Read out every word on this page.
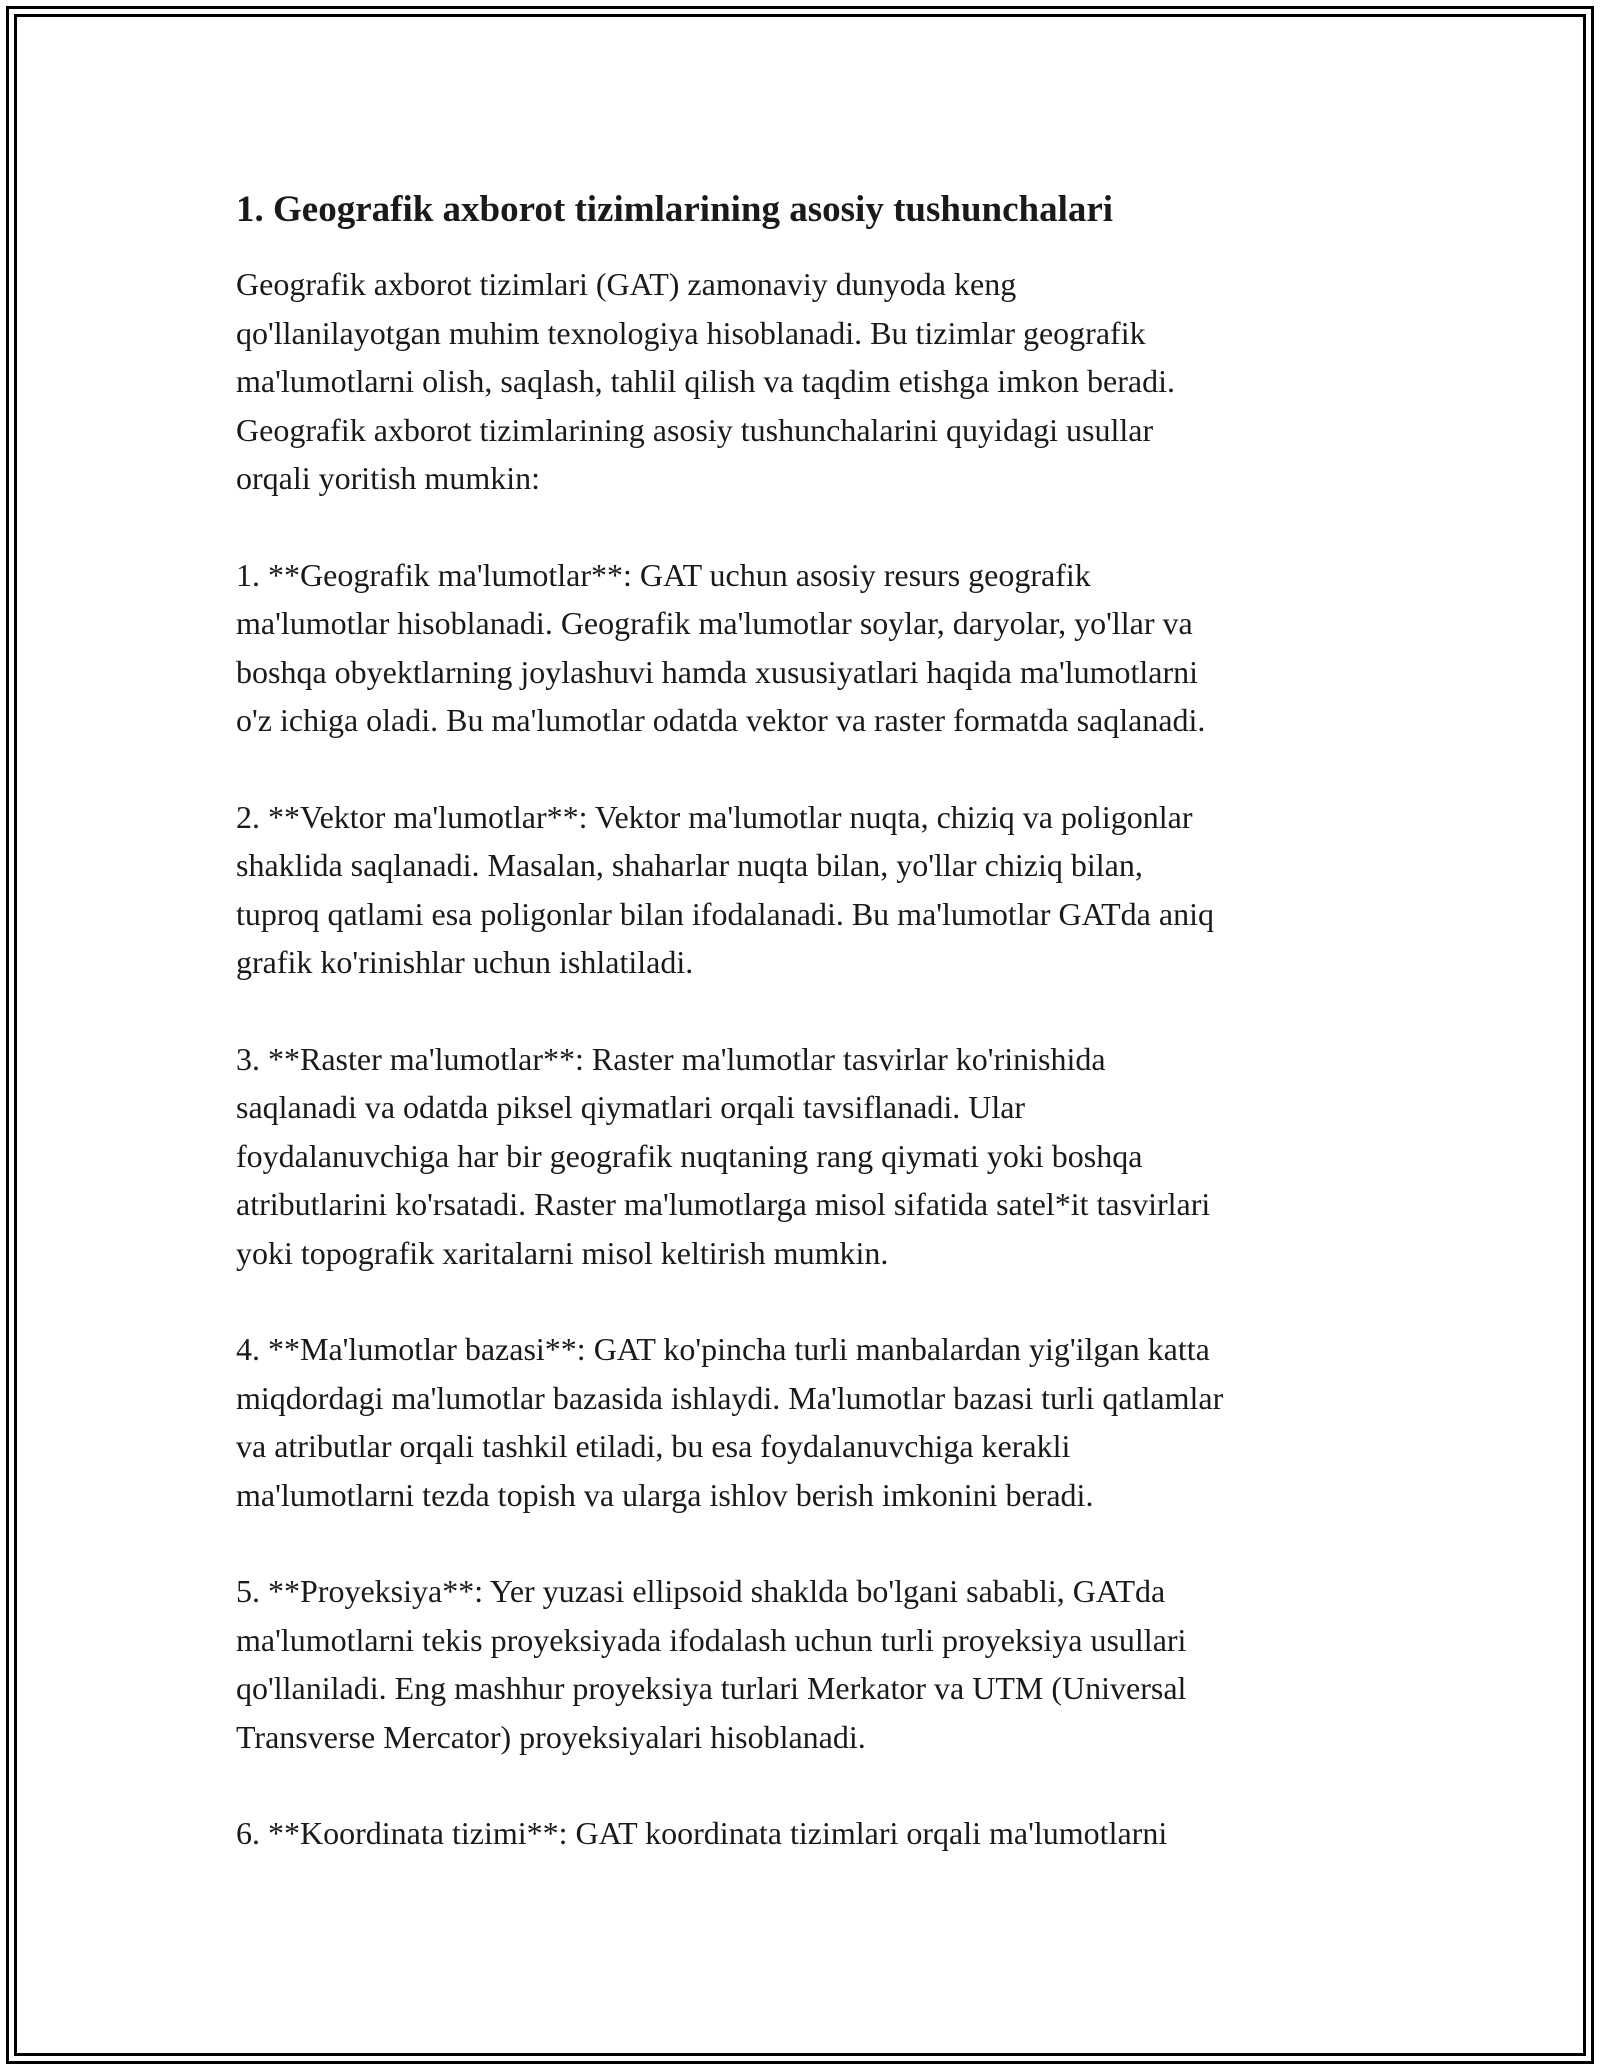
1. Geografik axborot tizimlarining asosiy tushunchalari

Geografik axborot tizimlari (GAT) zamonaviy dunyoda keng
qo'llanilayotgan muhim texnologiya hisoblanadi. Bu tizimlar geografik
ma'lumotlarni olish, saqlash, tahlil qilish va taqdim etishga imkon beradi.
Geografik axborot tizimlarining asosiy tushunchalarini quyidagi usullar
orqali yoritish mumkin:

1. **Geografik ma'lumotlar**: GAT uchun asosiy resurs geografik
ma'lumotlar hisoblanadi. Geografik ma'lumotlar soylar, daryolar, yo'llar va
boshqa obyektlarning joylashuvi hamda xususiyatlari haqida ma'lumotlarni
o'z ichiga oladi. Bu ma'lumotlar odatda vektor va raster formatda saqlanadi.

2. **Vektor ma'lumotlar**: Vektor ma'lumotlar nuqta, chiziq va poligonlar
shaklida saqlanadi. Masalan, shaharlar nuqta bilan, yo'llar chiziq bilan,
tuproq qatlami esa poligonlar bilan ifodalanadi. Bu ma'lumotlar GATda aniq
grafik ko'rinishlar uchun ishlatiladi.

3. **Raster ma'lumotlar**: Raster ma'lumotlar tasvirlar ko'rinishida
saqlanadi va odatda piksel qiymatlari orqali tavsiflanadi. Ular
foydalanuvchiga har bir geografik nuqtaning rang qiymati yoki boshqa
atributlarini ko'rsatadi. Raster ma'lumotlarga misol sifatida satel*it tasvirlari
yoki topografik xaritalarni misol keltirish mumkin.

4. **Ma'lumotlar bazasi**: GAT ko'pincha turli manbalardan yig'ilgan katta
miqdordagi ma'lumotlar bazasida ishlaydi. Ma'lumotlar bazasi turli qatlamlar
va atributlar orqali tashkil etiladi, bu esa foydalanuvchiga kerakli
ma'lumotlarni tezda topish va ularga ishlov berish imkonini beradi.

5. **Proyeksiya**: Yer yuzasi ellipsoid shaklda bo'lgani sababli, GATda
ma'lumotlarni tekis proyeksiyada ifodalash uchun turli proyeksiya usullari
qo'llaniladi. Eng mashhur proyeksiya turlari Merkator va UTM (Universal
Transverse Mercator) proyeksiyalari hisoblanadi.

6. **Koordinata tizimi**: GAT koordinata tizimlari orqali ma'lumotlarni
